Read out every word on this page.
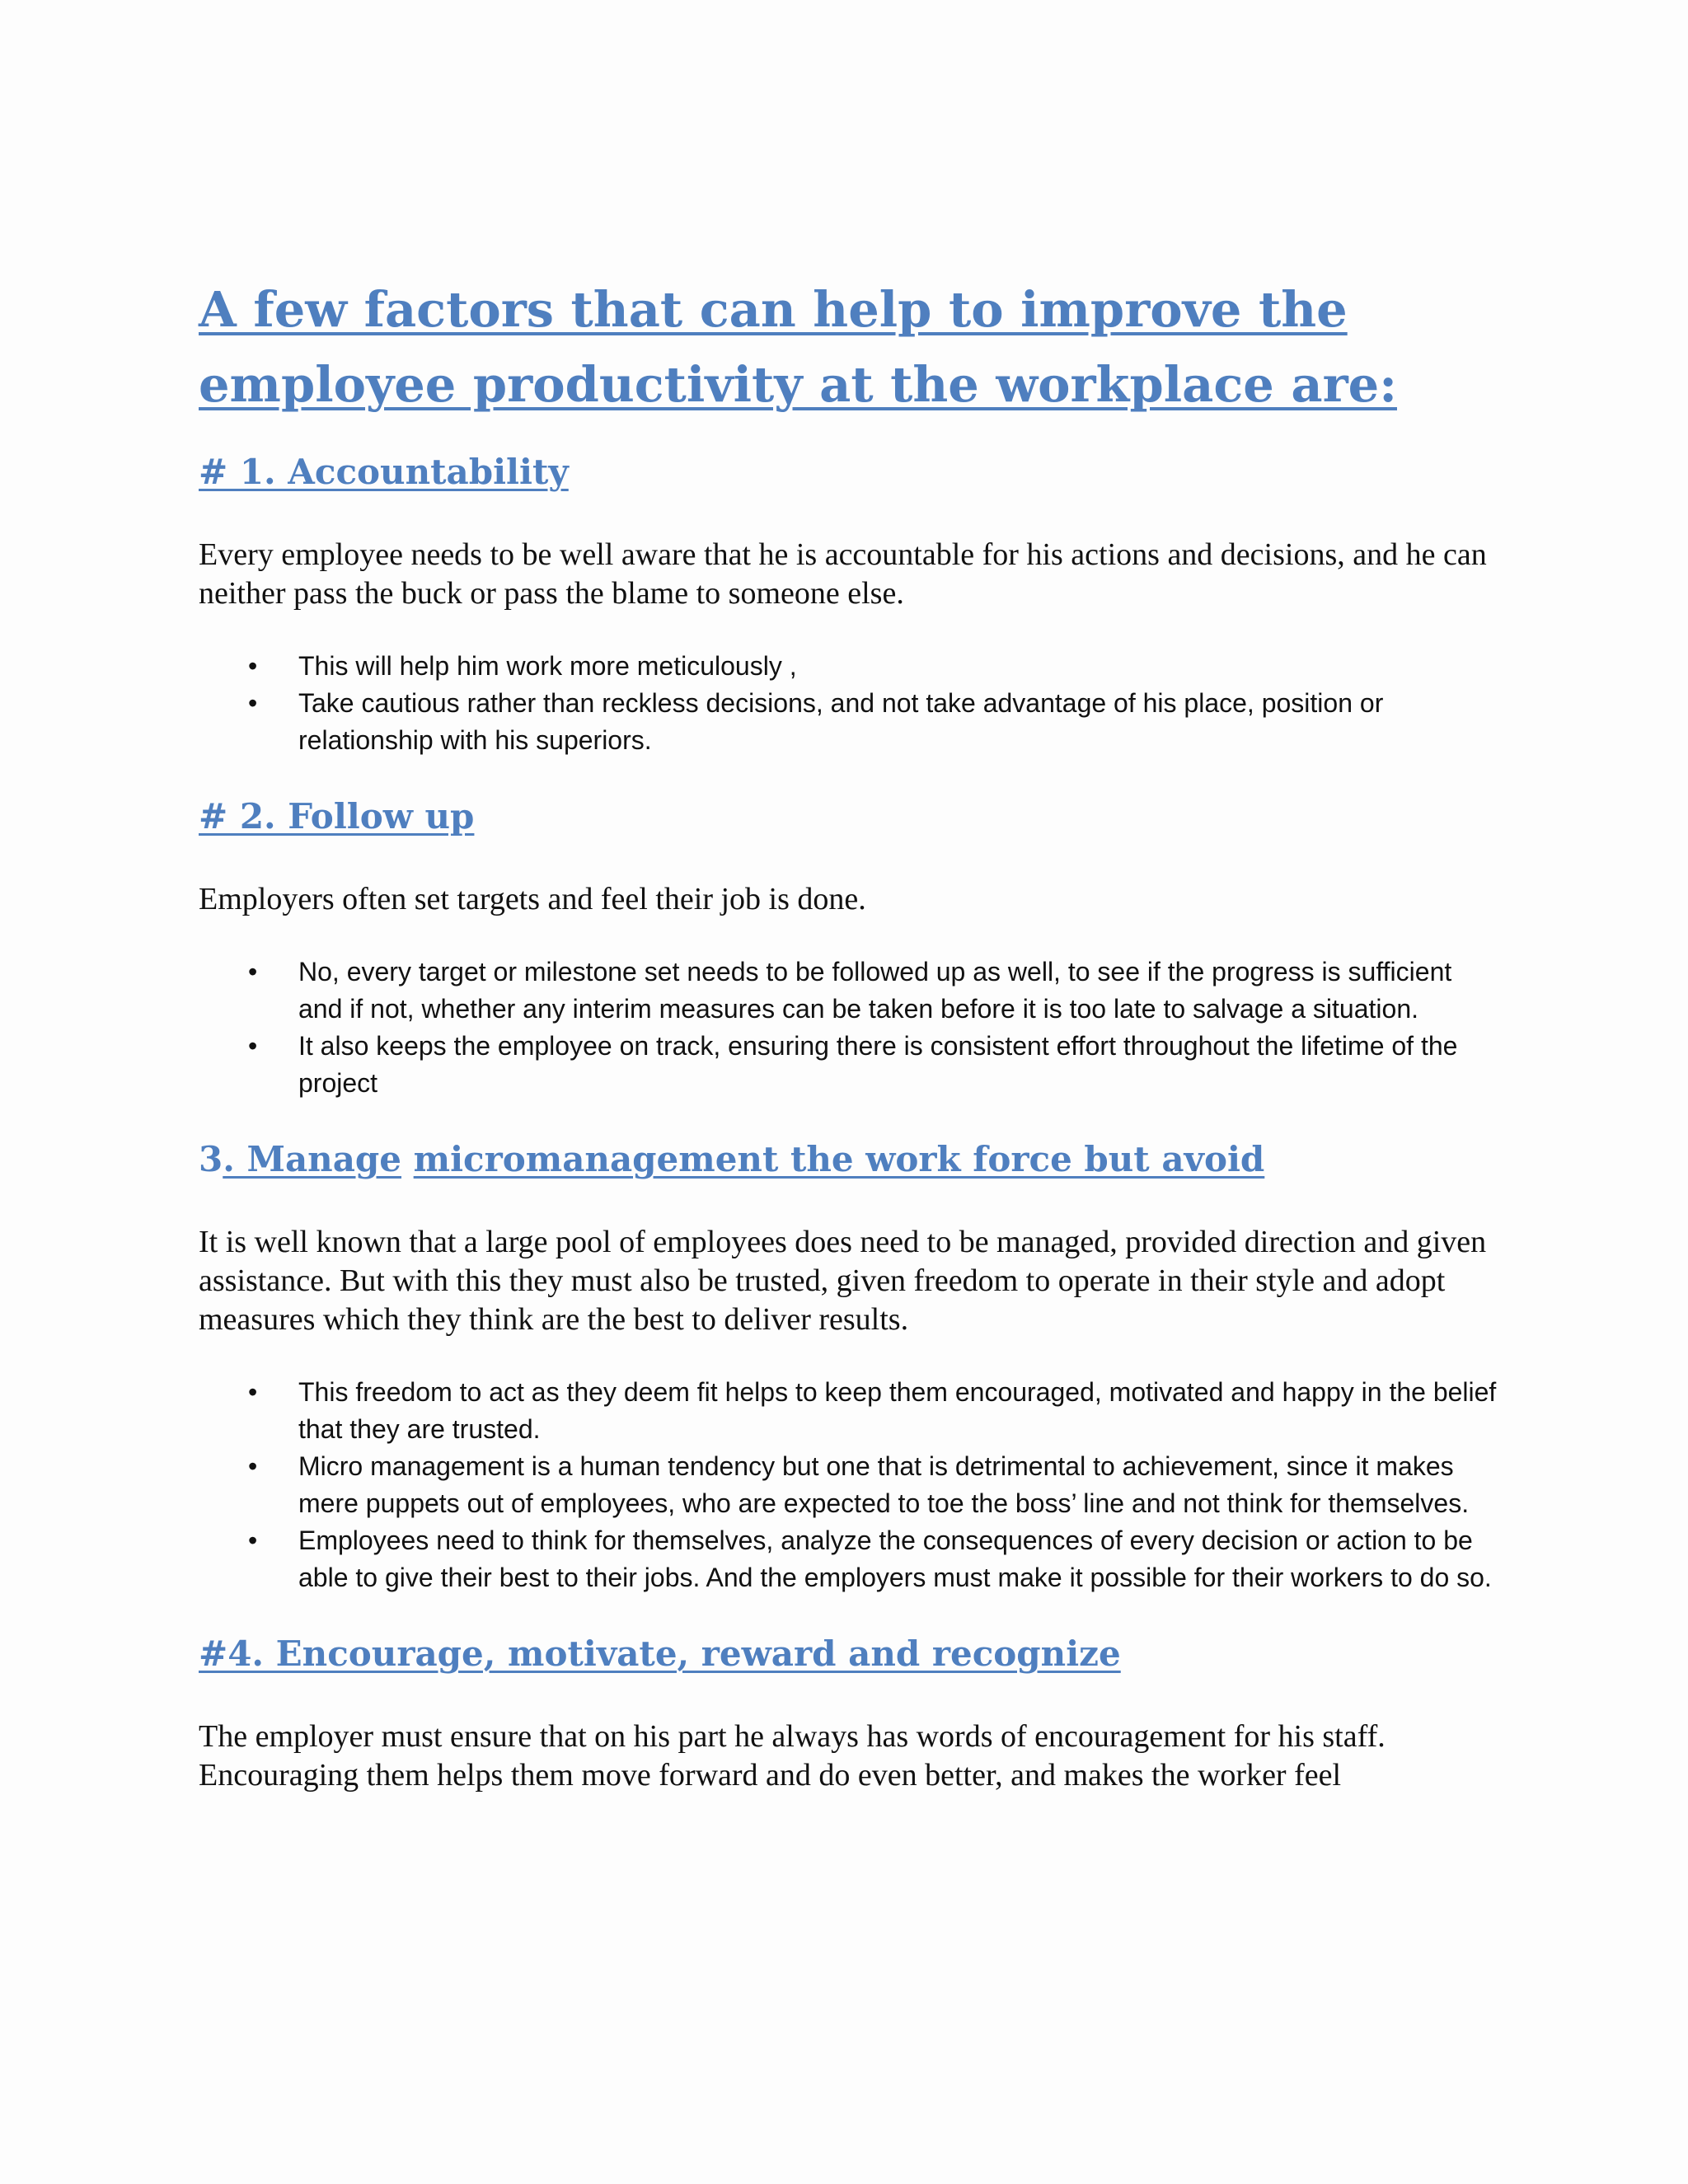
A few factors that can help to improve the
employee productivity at the workplace are:
# 1. Accountability

Every employee needs to be well aware that he is accountable for his actions and decisions, and he can neither pass the buck or pass the blame to someone else.

• This will help him work more meticulously ,
• Take cautious rather than reckless decisions, and not take advantage of his place, position or relationship with his superiors.
# 2. Follow up

Employers often set targets and feel their job is done.

• No, every target or milestone set needs to be followed up as well, to see if the progress is sufficient and if not, whether any interim measures can be taken before it is too late to salvage a situation.
• It also keeps the employee on track, ensuring there is consistent effort throughout the lifetime of the project
3. Manage micromanagement the work force but avoid

It is well known that a large pool of employees does need to be managed, provided direction and given assistance. But with this they must also be trusted, given freedom to operate in their style and adopt measures which they think are the best to deliver results.

• This freedom to act as they deem fit helps to keep them encouraged, motivated and happy in the belief that they are trusted.
• Micro management is a human tendency but one that is detrimental to achievement, since it makes mere puppets out of employees, who are expected to toe the boss’ line and not think for themselves.
• Employees need to think for themselves, analyze the consequences of every decision or action to be able to give their best to their jobs. And the employers must make it possible for their workers to do so.
#4. Encourage, motivate, reward and recognize

The employer must ensure that on his part he always has words of encouragement for his staff. Encouraging them helps them move forward and do even better, and makes the worker feel
